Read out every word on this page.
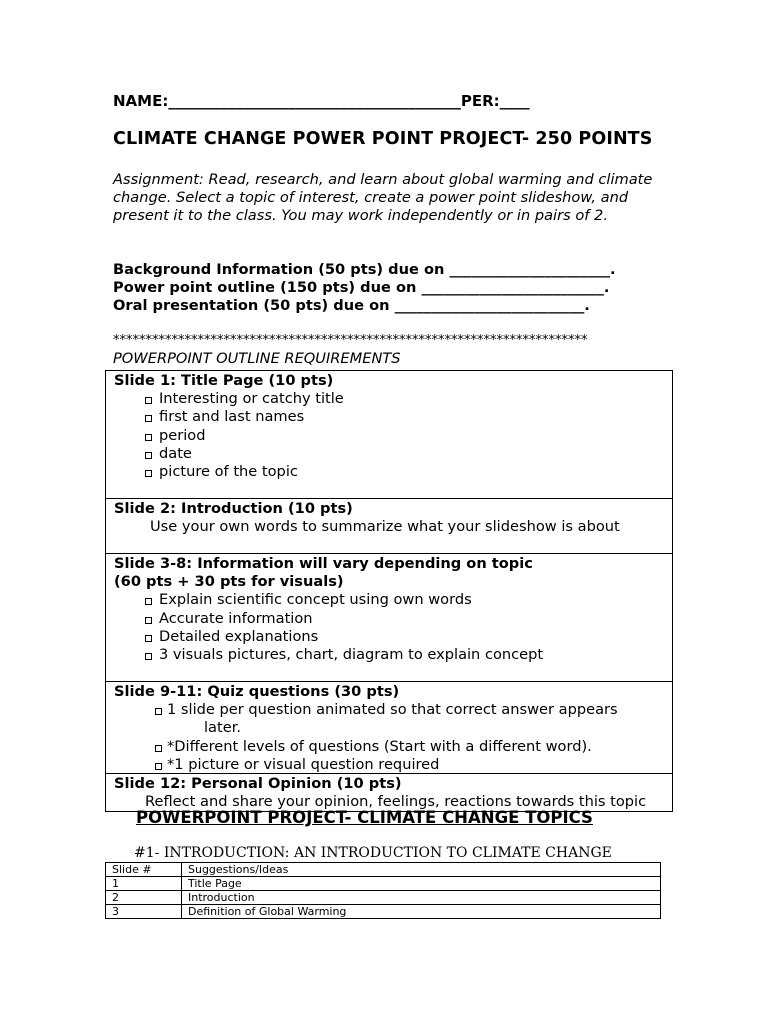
NAME:_______________________________________PER:____
CLIMATE CHANGE POWER POINT PROJECT- 250 POINTS
Assignment: Read, research, and learn about global warming and climate change. Select a topic of interest, create a power point slideshow, and present it to the class. You may work independently or in pairs of 2.
Background Information (50 pts) due on ______________________.
Power point outline (150 pts) due on _________________________.
Oral presentation (50 pts) due on __________________________.
*************************************************************************
POWERPOINT OUTLINE REQUIREMENTS
Slide 1: Title Page (10 pts)
Interesting or catchy title
first and last names
period
date
picture of the topic
Slide 2: Introduction (10 pts)
Use your own words to summarize what your slideshow is about
Slide 3-8: Information will vary depending on topic
(60 pts + 30 pts for visuals)
Explain scientific concept using own words
Accurate information
Detailed explanations
3 visuals pictures, chart, diagram to explain concept
Slide 9-11: Quiz questions (30 pts)
1 slide per question animated so that correct answer appears
later.
*Different levels of questions (Start with a different word).
*1 picture or visual question required
Slide 12: Personal Opinion (10 pts)
Reflect and share your opinion, feelings, reactions towards this topic
POWERPOINT PROJECT- CLIMATE CHANGE TOPICS
#1- INTRODUCTION: AN INTRODUCTION TO CLIMATE CHANGE
Slide #	Suggestions/Ideas
1	Title Page
2	Introduction
3	Definition of Global Warming
